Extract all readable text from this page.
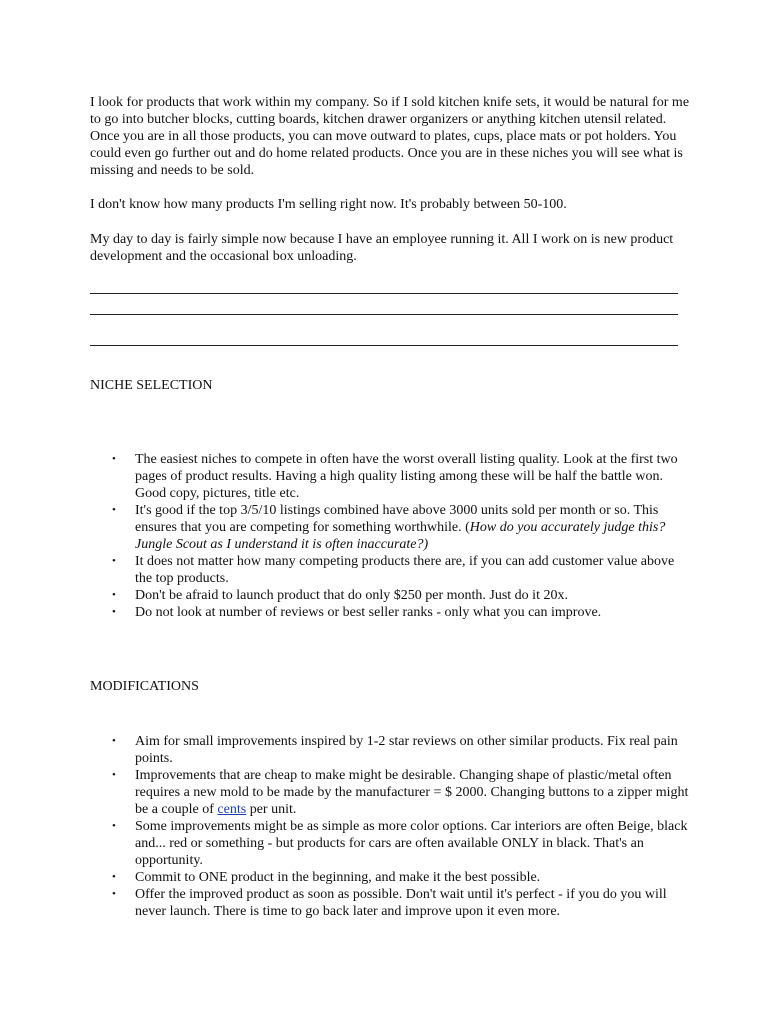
I look for products that work within my company. So if I sold kitchen knife sets, it would be natural for me to go into butcher blocks, cutting boards, kitchen drawer organizers or anything kitchen utensil related. Once you are in all those products, you can move outward to plates, cups, place mats or pot holders. You could even go further out and do home related products. Once you are in these niches you will see what is missing and needs to be sold.

I don't know how many products I'm selling right now. It's probably between 50-100.

My day to day is fairly simple now because I have an employee running it. All I work on is new product development and the occasional box unloading.

NICHE SELECTION
• The easiest niches to compete in often have the worst overall listing quality. Look at the first two pages of product results. Having a high quality listing among these will be half the battle won. Good copy, pictures, title etc.
• It's good if the top 3/5/10 listings combined have above 3000 units sold per month or so. This ensures that you are competing for something worthwhile. (How do you accurately judge this? Jungle Scout as I understand it is often inaccurate?)
• It does not matter how many competing products there are, if you can add customer value above the top products.
• Don't be afraid to launch product that do only $250 per month. Just do it 20x.
• Do not look at number of reviews or best seller ranks - only what you can improve.
MODIFICATIONS
• Aim for small improvements inspired by 1-2 star reviews on other similar products. Fix real pain points.
• Improvements that are cheap to make might be desirable. Changing shape of plastic/metal often requires a new mold to be made by the manufacturer = $ 2000. Changing buttons to a zipper might be a couple of cents per unit.
• Some improvements might be as simple as more color options. Car interiors are often Beige, black and... red or something - but products for cars are often available ONLY in black. That's an opportunity.
• Commit to ONE product in the beginning, and make it the best possible.
• Offer the improved product as soon as possible. Don't wait until it's perfect - if you do you will never launch. There is time to go back later and improve upon it even more.
